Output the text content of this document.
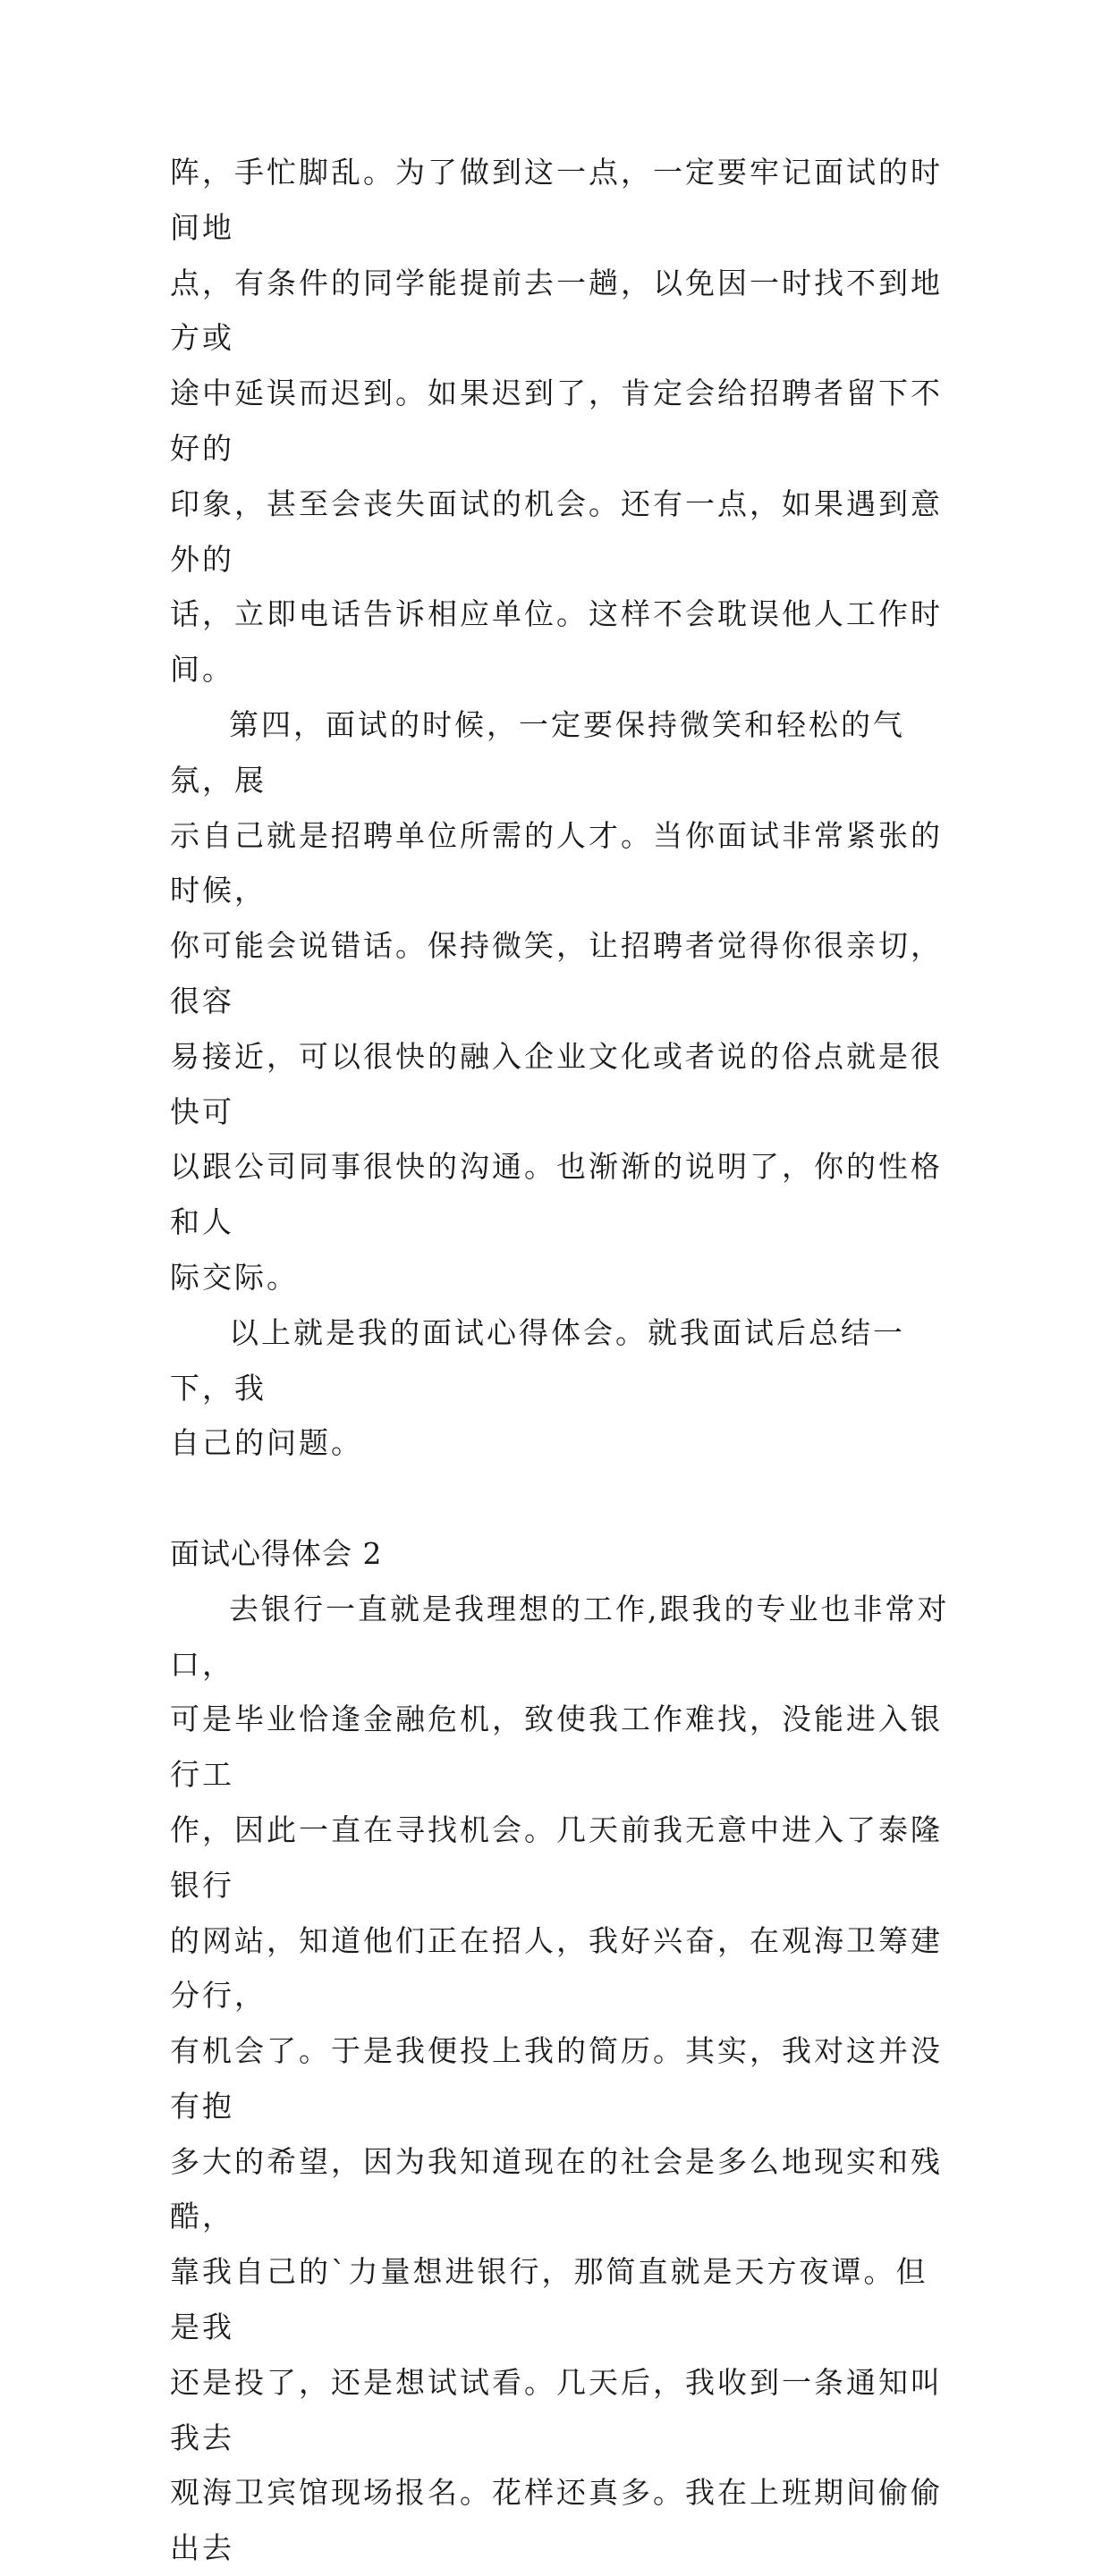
阵，手忙脚乱。为了做到这一点，一定要牢记面试的时间地
点，有条件的同学能提前去一趟，以免因一时找不到地方或
途中延误而迟到。如果迟到了，肯定会给招聘者留下不好的
印象，甚至会丧失面试的机会。还有一点，如果遇到意外的
话，立即电话告诉相应单位。这样不会耽误他人工作时间。

第四，面试的时候，一定要保持微笑和轻松的气氛，展
示自己就是招聘单位所需的人才。当你面试非常紧张的时候，
你可能会说错话。保持微笑，让招聘者觉得你很亲切，很容
易接近，可以很快的融入企业文化或者说的俗点就是很快可
以跟公司同事很快的沟通。也渐渐的说明了，你的性格和人
际交际。

以上就是我的面试心得体会。就我面试后总结一下，我
自己的问题。

面试心得体会 2

去银行一直就是我理想的工作,跟我的专业也非常对口，
可是毕业恰逢金融危机，致使我工作难找，没能进入银行工
作，因此一直在寻找机会。几天前我无意中进入了泰隆银行
的网站，知道他们正在招人，我好兴奋，在观海卫筹建分行，
有机会了。于是我便投上我的简历。其实，我对这并没有抱
多大的希望，因为我知道现在的社会是多么地现实和残酷，
靠我自己的`力量想进银行，那简直就是天方夜谭。但是我
还是投了，还是想试试看。几天后，我收到一条通知叫我去
观海卫宾馆现场报名。花样还真多。我在上班期间偷偷出去
